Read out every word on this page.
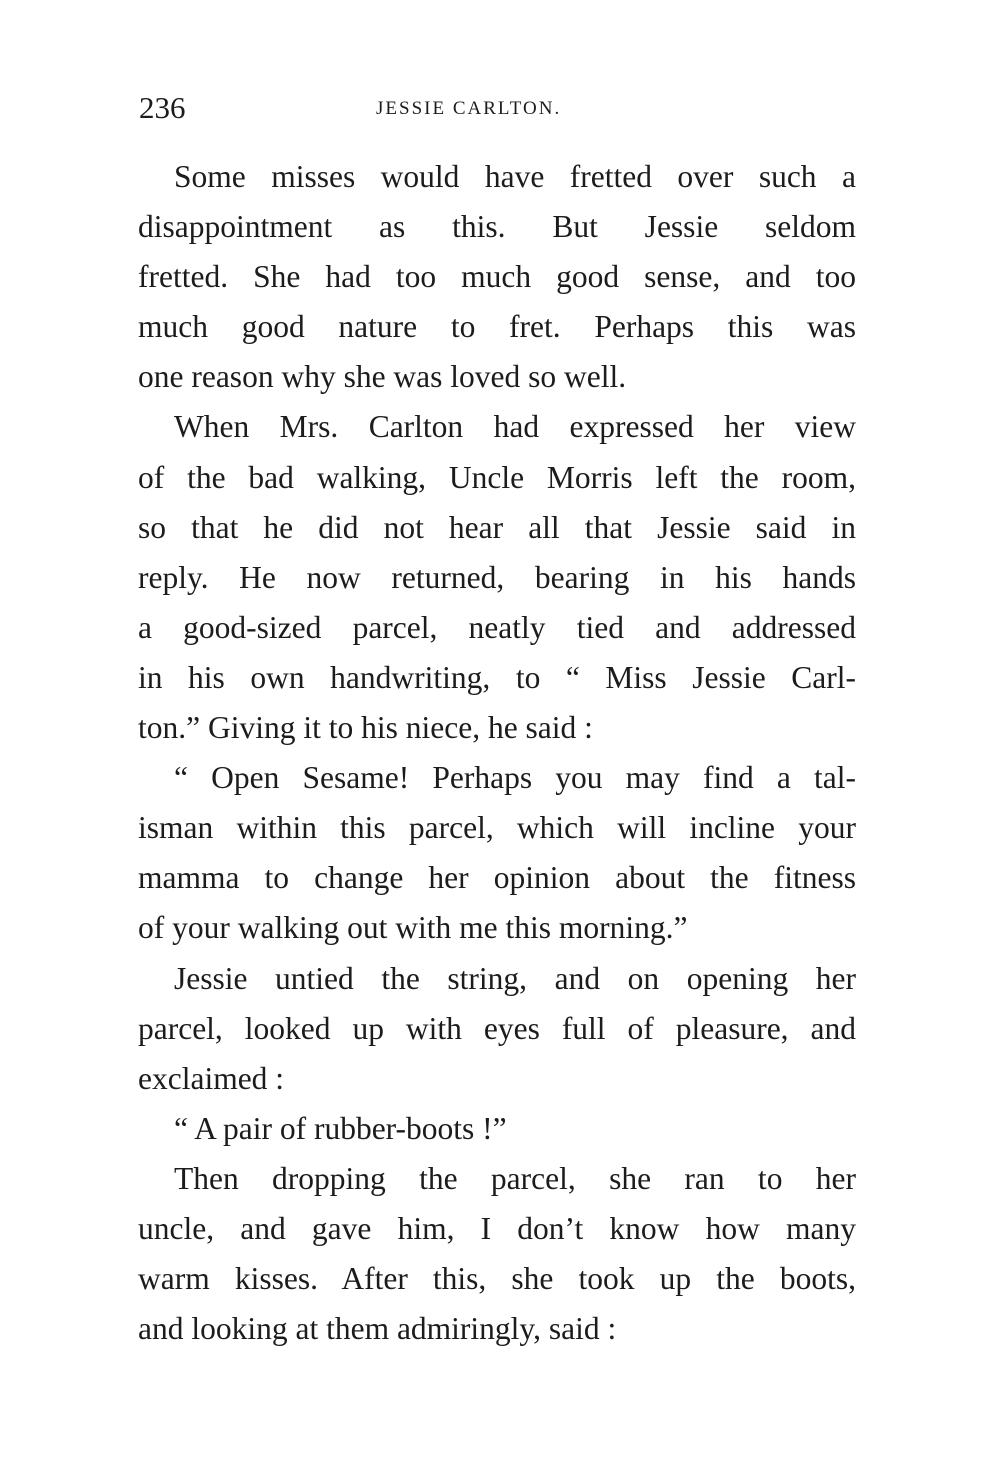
236	JESSIE CARLTON.
Some misses would have fretted over such a
disappointment as this. But Jessie seldom
fretted. She had too much good sense, and too
much good nature to fret. Perhaps this was
one reason why she was loved so well.
When Mrs. Carlton had expressed her view
of the bad walking, Uncle Morris left the room,
so that he did not hear all that Jessie said in
reply. He now returned, bearing in his hands
a good-sized parcel, neatly tied and addressed
in his own handwriting, to “ Miss Jessie Carl-
ton.” Giving it to his niece, he said :
“ Open Sesame! Perhaps you may find a tal-
isman within this parcel, which will incline your
mamma to change her opinion about the fitness
of your walking out with me this morning.”
Jessie untied the string, and on opening her
parcel, looked up with eyes full of pleasure, and
exclaimed :
“ A pair of rubber-boots !”
Then dropping the parcel, she ran to her
uncle, and gave him, I don’t know how many
warm kisses. After this, she took up the boots,
and looking at them admiringly, said :
